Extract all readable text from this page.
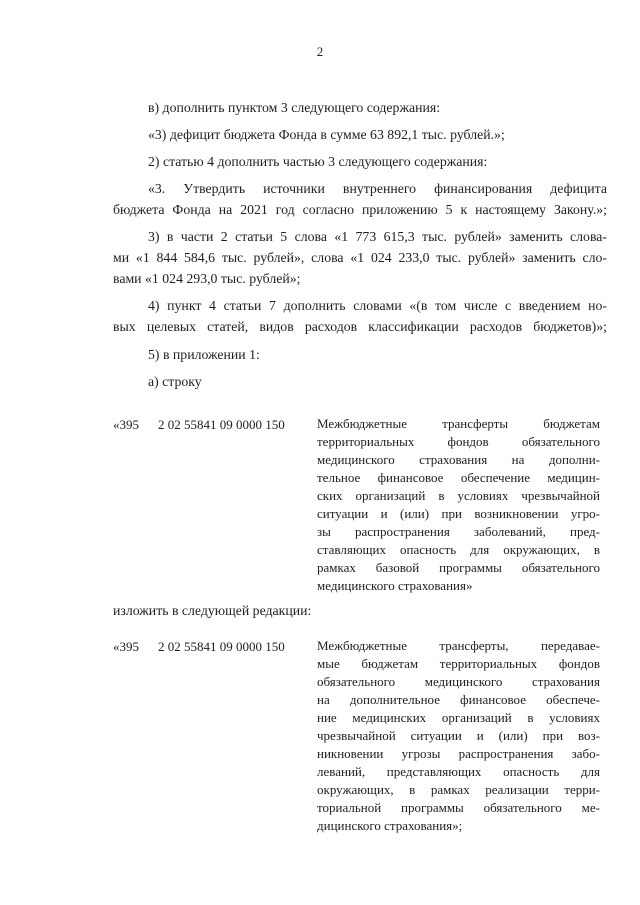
2
в) дополнить пунктом 3 следующего содержания:
«3) дефицит бюджета Фонда в сумме 63 892,1 тыс. рублей.»;
2) статью 4 дополнить частью 3 следующего содержания:
«3. Утвердить источники внутреннего финансирования дефицита
бюджета Фонда на 2021 год согласно приложению 5 к настоящему Закону.»;
3) в части 2 статьи 5 слова «1 773 615,3 тыс. рублей» заменить слова-
ми «1 844 584,6 тыс. рублей», слова «1 024 233,0 тыс. рублей» заменить сло-
вами «1 024 293,0 тыс. рублей»;
4) пункт 4 статьи 7 дополнить словами «(в том числе с введением но-
вых целевых статей, видов расходов классификации расходов бюджетов)»;
5) в приложении 1:
а) строку
«395 2 02 55841 09 0000 150 Межбюджетные трансферты бюджетам
территориальных фондов обязательного
медицинского страхования на дополни-
тельное финансовое обеспечение медицин-
ских организаций в условиях чрезвычайной
ситуации и (или) при возникновении угро-
зы распространения заболеваний, пред-
ставляющих опасность для окружающих, в
рамках базовой программы обязательного
медицинского страхования»
изложить в следующей редакции:
«395 2 02 55841 09 0000 150 Межбюджетные трансферты, передавае-
мые бюджетам территориальных фондов
обязательного медицинского страхования
на дополнительное финансовое обеспече-
ние медицинских организаций в условиях
чрезвычайной ситуации и (или) при воз-
никновении угрозы распространения забо-
леваний, представляющих опасность для
окружающих, в рамках реализации терри-
ториальной программы обязательного ме-
дицинского страхования»;
